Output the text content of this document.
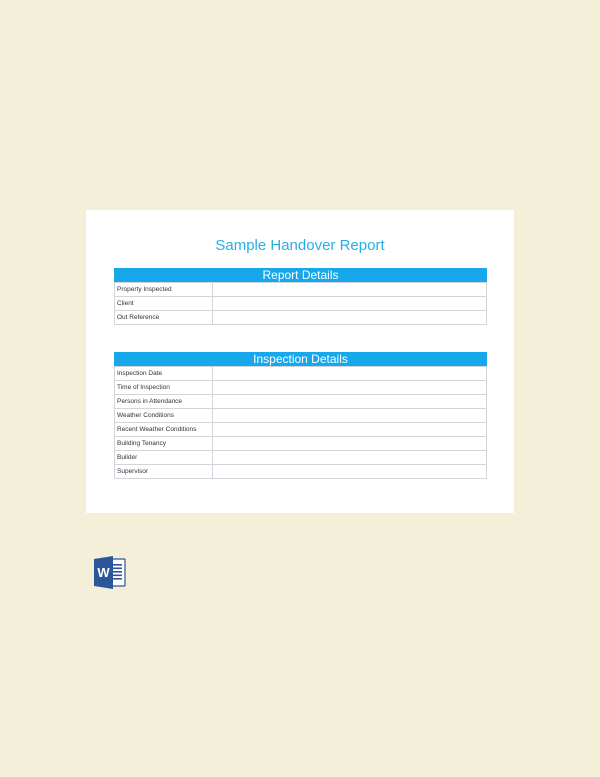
Sample Handover Report
Report Details
Property Inspected	
Client	
Out Reference	
Inspection Details
Inspection Date	
Time of Inspection	
Persons in Attendance	
Weather Conditions	
Recent Weather Conditions	
Building Tenancy	
Builder	
Supervisor	
W
